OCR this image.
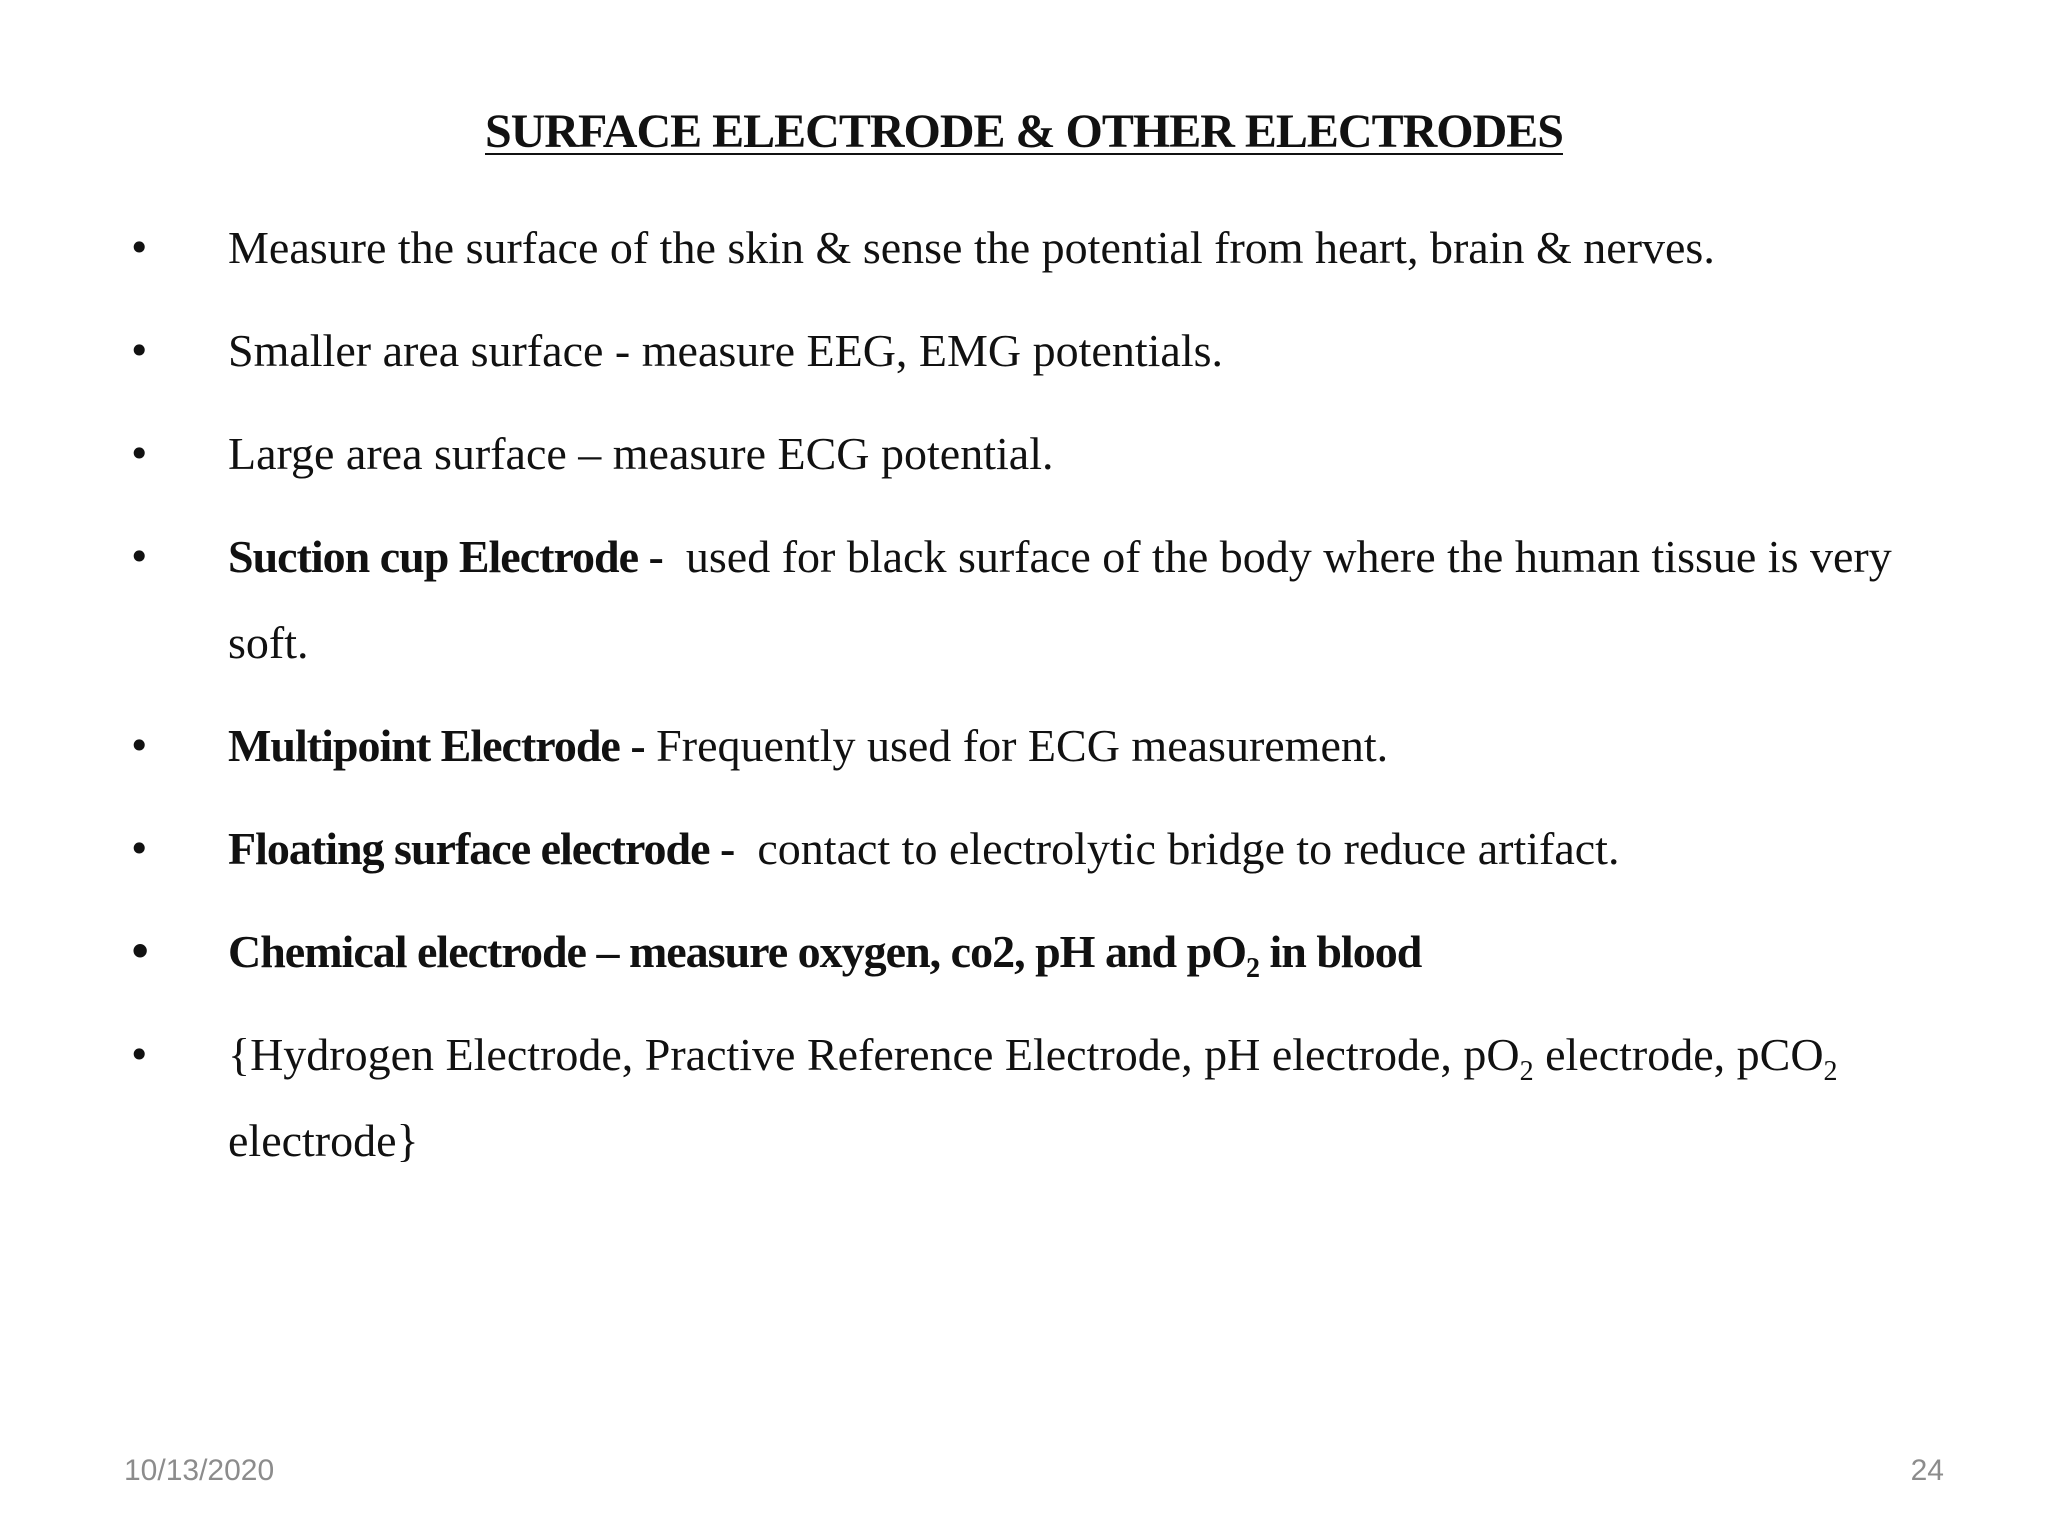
SURFACE ELECTRODE & OTHER ELECTRODES
• Measure the surface of the skin & sense the potential from heart, brain & nerves.
• Smaller area surface - measure EEG, EMG potentials.
• Large area surface – measure ECG potential.
• Suction cup Electrode - used for black surface of the body where the human tissue is very soft.
• Multipoint Electrode - Frequently used for ECG measurement.
• Floating surface electrode - contact to electrolytic bridge to reduce artifact.
• Chemical electrode – measure oxygen, co2, pH and $pO_2$ in blood
• {Hydrogen Electrode, Practive Reference Electrode, pH electrode, $pO_2$ electrode, pCO$_2$ electrode}
10/13/2020	24
